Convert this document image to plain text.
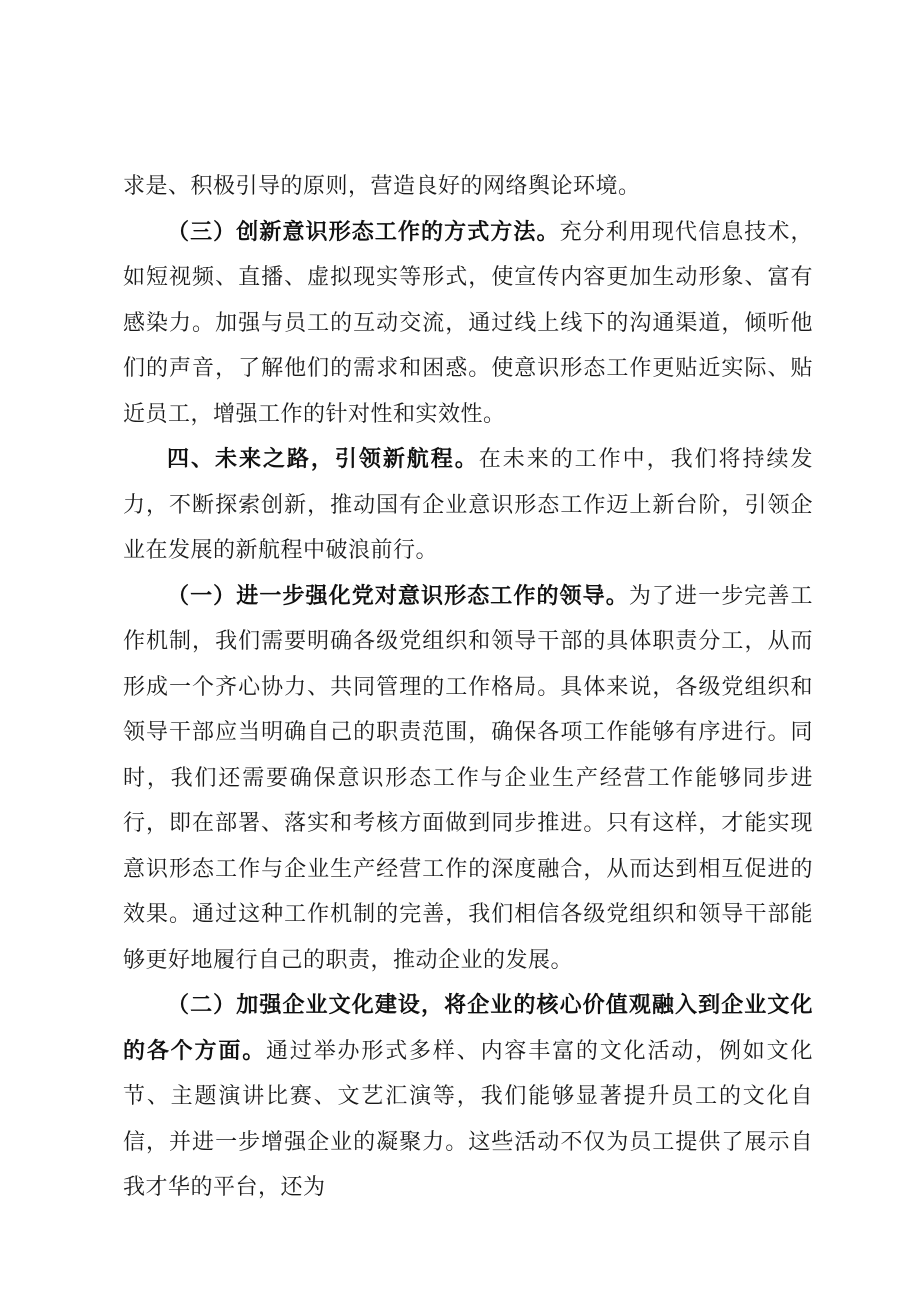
求是、积极引导的原则，营造良好的网络舆论环境。

（三）创新意识形态工作的方式方法。充分利用现代信息技术，如短视频、直播、虚拟现实等形式，使宣传内容更加生动形象、富有感染力。加强与员工的互动交流，通过线上线下的沟通渠道，倾听他们的声音，了解他们的需求和困惑。使意识形态工作更贴近实际、贴近员工，增强工作的针对性和实效性。

四、未来之路，引领新航程。在未来的工作中，我们将持续发力，不断探索创新，推动国有企业意识形态工作迈上新台阶，引领企业在发展的新航程中破浪前行。

（一）进一步强化党对意识形态工作的领导。为了进一步完善工作机制，我们需要明确各级党组织和领导干部的具体职责分工，从而形成一个齐心协力、共同管理的工作格局。具体来说，各级党组织和领导干部应当明确自己的职责范围，确保各项工作能够有序进行。同时，我们还需要确保意识形态工作与企业生产经营工作能够同步进行，即在部署、落实和考核方面做到同步推进。只有这样，才能实现意识形态工作与企业生产经营工作的深度融合，从而达到相互促进的效果。通过这种工作机制的完善，我们相信各级党组织和领导干部能够更好地履行自己的职责，推动企业的发展。

（二）加强企业文化建设，将企业的核心价值观融入到企业文化的各个方面。通过举办形式多样、内容丰富的文化活动，例如文化节、主题演讲比赛、文艺汇演等，我们能够显著提升员工的文化自信，并进一步增强企业的凝聚力。这些活动不仅为员工提供了展示自我才华的平台，还为
